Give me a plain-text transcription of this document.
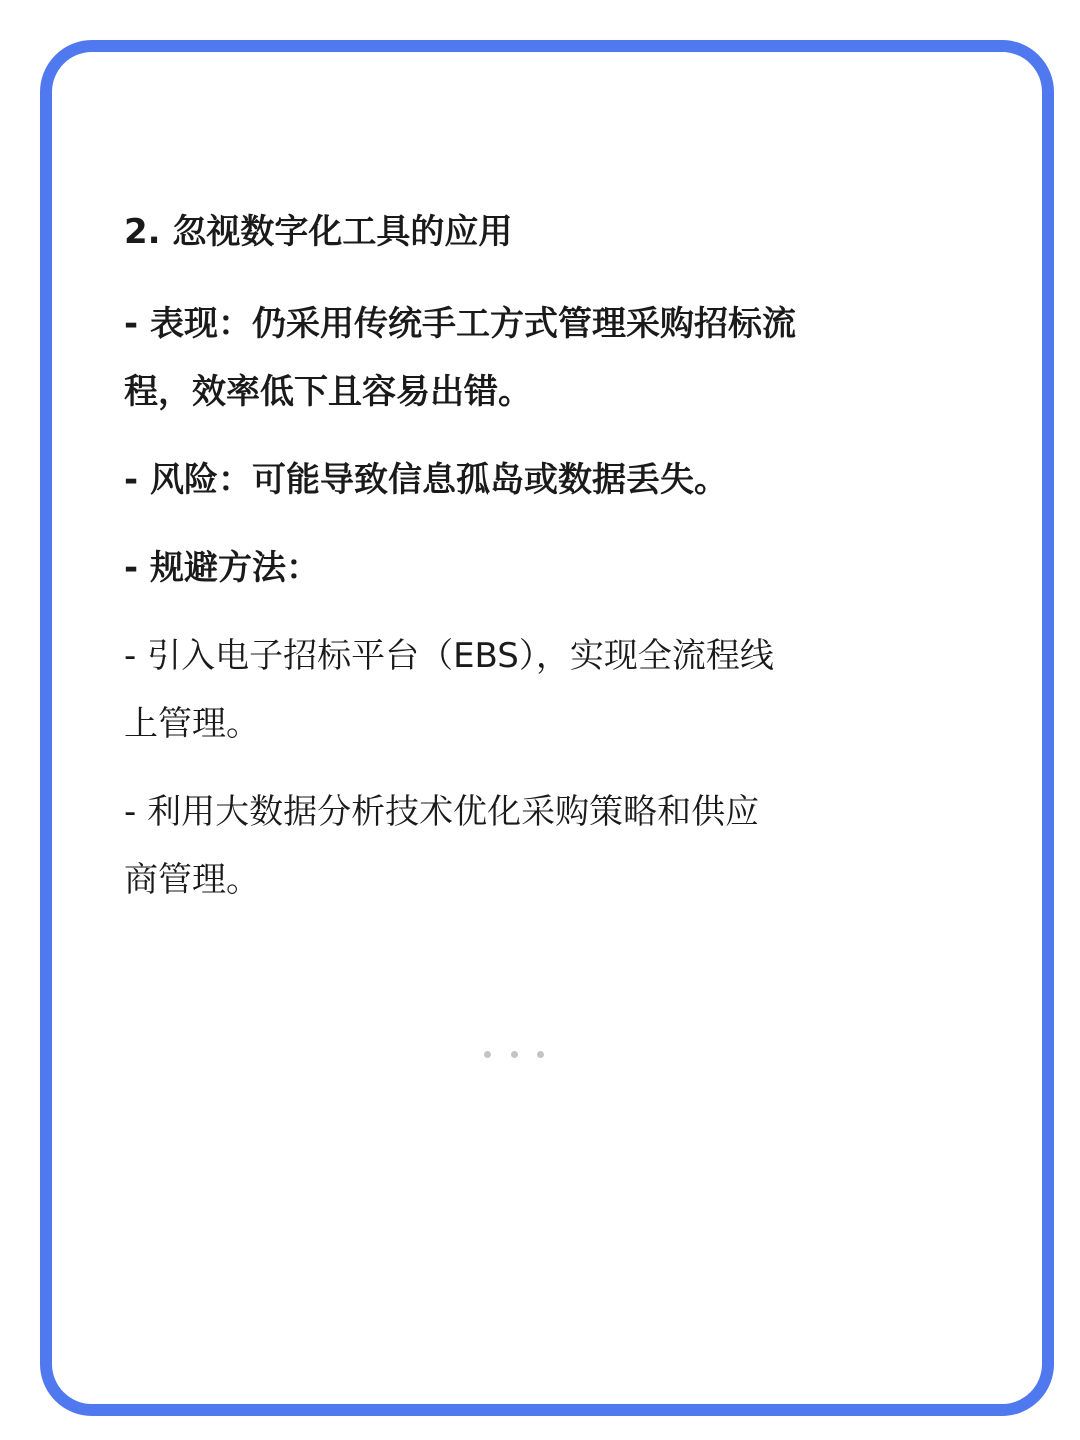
2. 忽视数字化工具的应用
- 表现：仍采用传统手工方式管理采购招标流
程，效率低下且容易出错。
- 风险：可能导致信息孤岛或数据丢失。
- 规避方法：
- 引入电子招标平台（EBS），实现全流程线
上管理。
- 利用大数据分析技术优化采购策略和供应
商管理。
